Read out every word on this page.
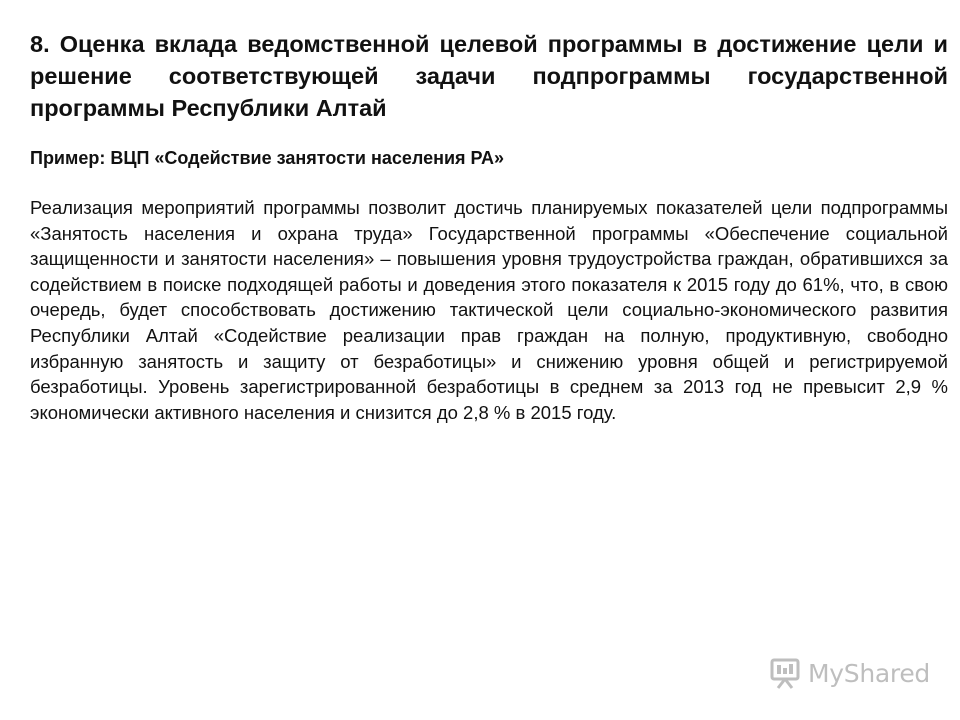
8. Оценка вклада ведомственной целевой программы в достижение цели и решение соответствующей задачи подпрограммы государственной программы Республики Алтай

Пример: ВЦП «Содействие занятости населения РА»

Реализация мероприятий программы позволит достичь планируемых показателей цели подпрограммы «Занятость населения и охрана труда» Государственной программы «Обеспечение социальной защищенности и занятости населения» – повышения уровня трудоустройства граждан, обратившихся за содействием в поиске подходящей работы и доведения этого показателя к 2015 году до 61%, что, в свою очередь, будет способствовать достижению тактической цели социально-экономического развития Республики Алтай «Содействие реализации прав граждан на полную, продуктивную, свободно избранную занятость и защиту от безработицы» и снижению уровня общей и регистрируемой безработицы. Уровень зарегистрированной безработицы в среднем за 2013 год не превысит 2,9 % экономически активного населения и снизится до 2,8 % в 2015 году.

MyShared
